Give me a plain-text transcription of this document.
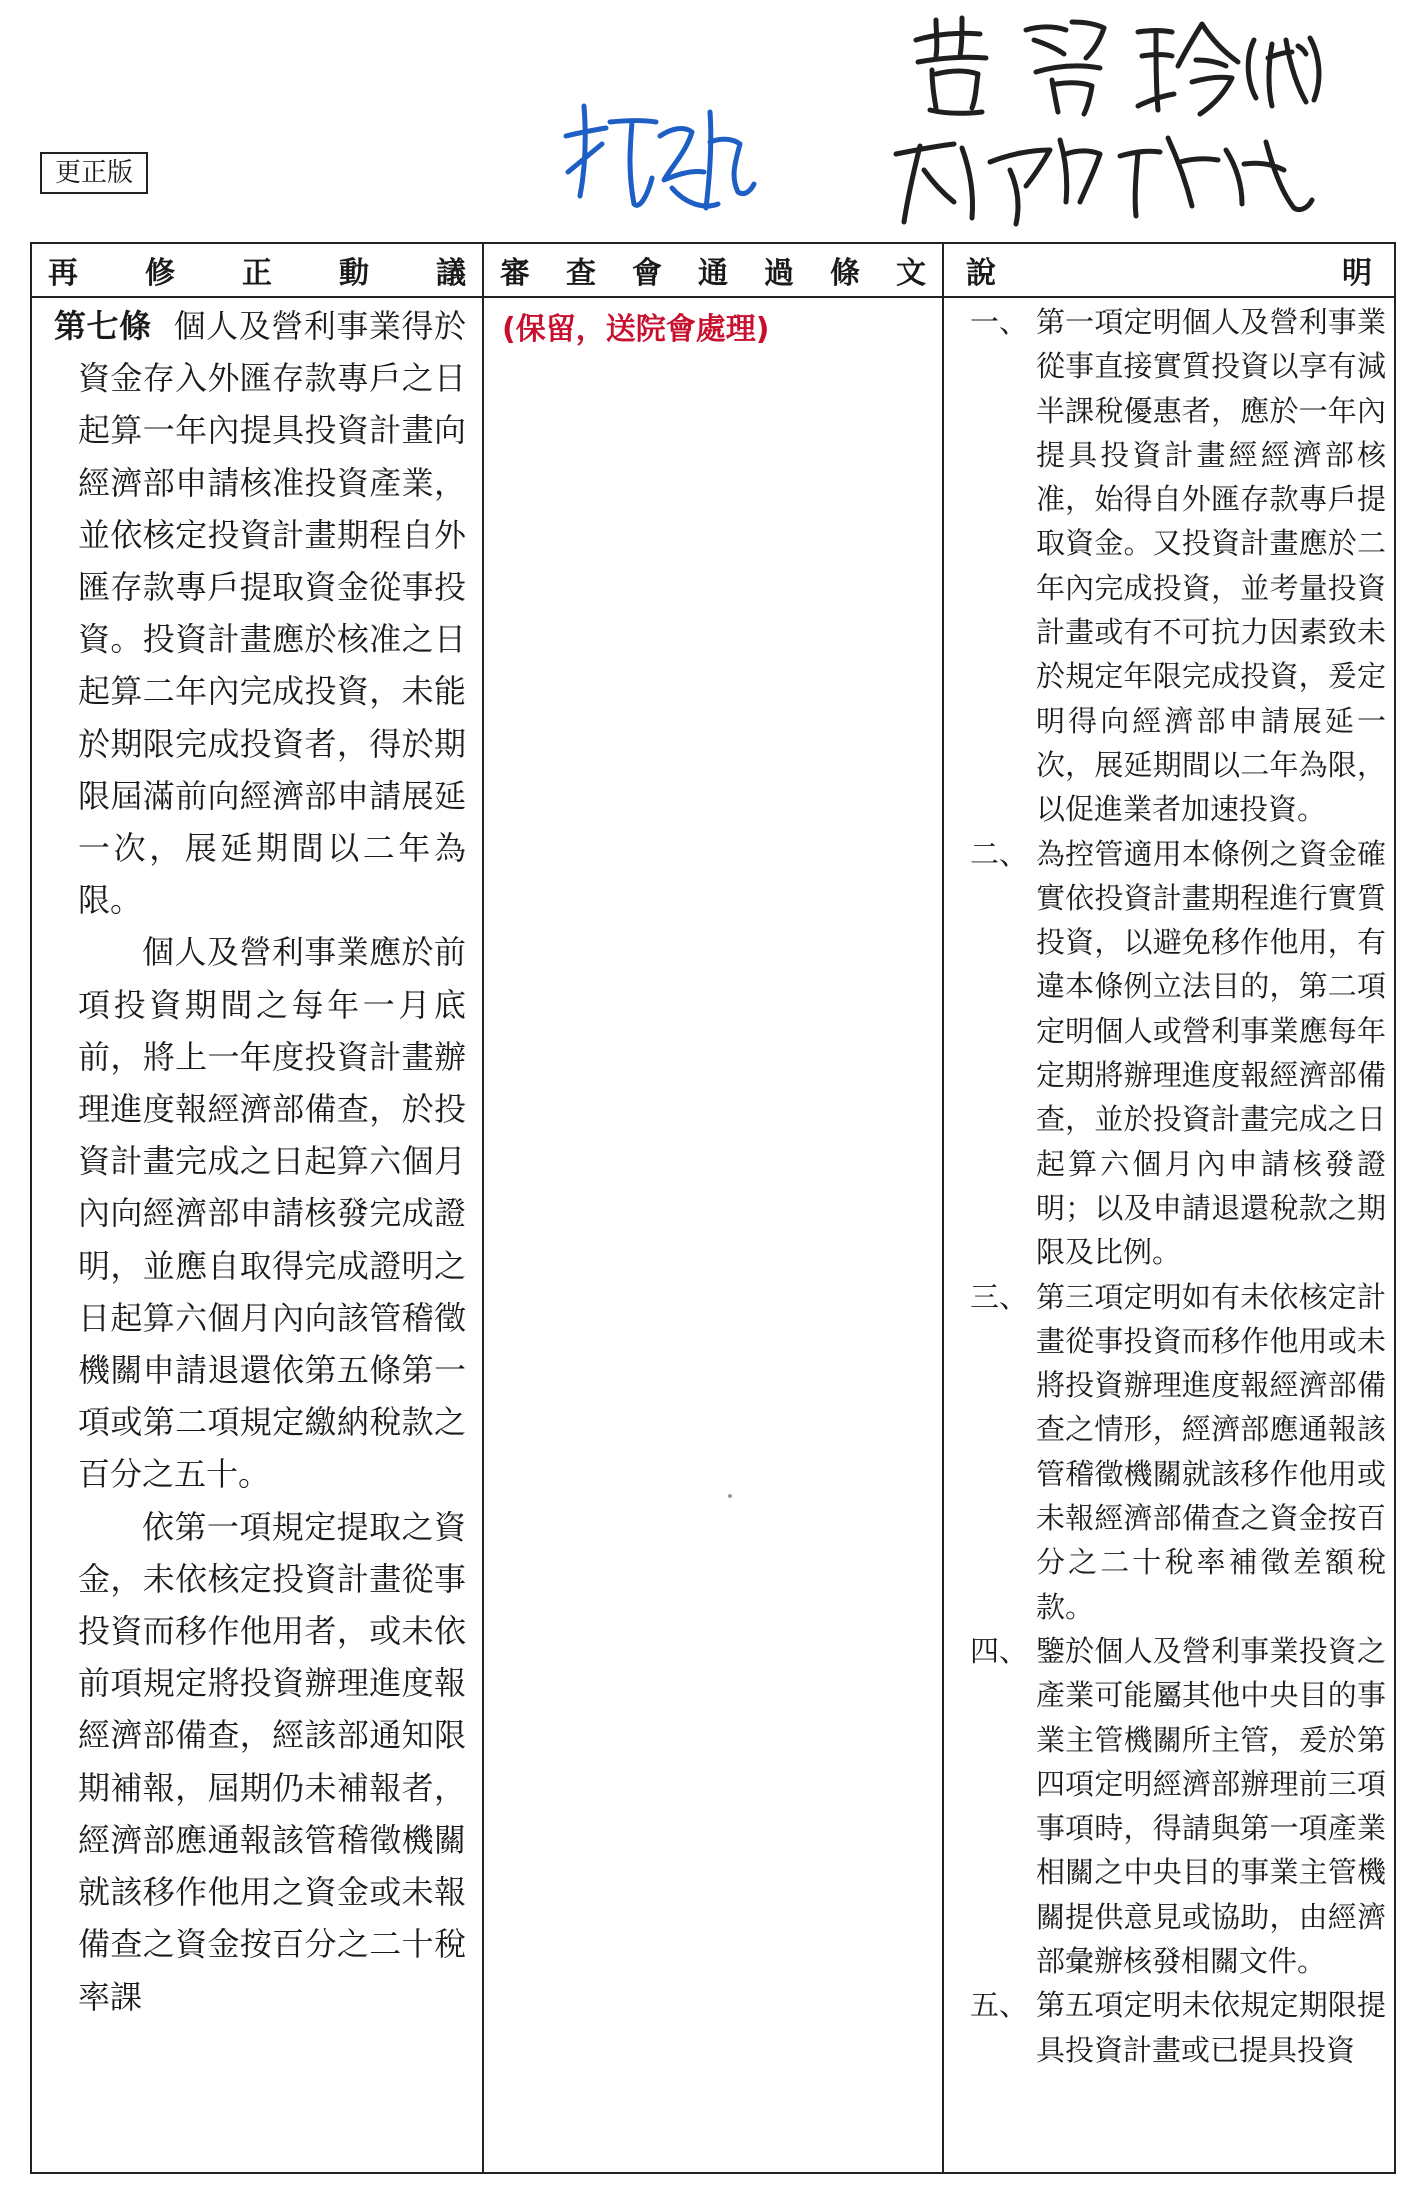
更正版
再 修 正 動 議 審 查 會 通 過 條 文 說	明

第七條 個人及營利事業得於資金存入外匯存款專戶之日起算一年內提具投資計畫向經濟部申請核准投資產業，並依核定投資計畫期程自外匯存款專戶提取資金從事投資。投資計畫應於核准之日起算二年內完成投資，未能於期限完成投資者，得於期限屆滿前向經濟部申請展延一次，展延期間以二年為限。

個人及營利事業應於前項投資期間之每年一月底前，將上一年度投資計畫辦理進度報經濟部備查，於投資計畫完成之日起算六個月內向經濟部申請核發完成證明，並應自取得完成證明之日起算六個月內向該管稽徵機關申請退還依第五條第一項或第二項規定繳納稅款之百分之五十。

依第一項規定提取之資金，未依核定投資計畫從事投資而移作他用者，或未依前項規定將投資辦理進度報經濟部備查，經該部通知限期補報，屆期仍未補報者，經濟部應通報該管稽徵機關就該移作他用之資金或未報備查之資金按百分之二十稅率課

(保留，送院會處理)	一、 第一項定明個人及營利事業從事直接實質投資以享有減半課稅優惠者，應於一年內提具投資計畫經經濟部核准，始得自外匯存款專戶提取資金。又投資計畫應於二年內完成投資，並考量投資計畫或有不可抗力因素致未於規定年限完成投資，爰定明得向經濟部申請展延一次，展延期間以二年為限，以促進業者加速投資。
二、 為控管適用本條例之資金確實依投資計畫期程進行實質投資，以避免移作他用，有違本條例立法目的，第二項定明個人或營利事業應每年定期將辦理進度報經濟部備查，並於投資計畫完成之日起算六個月內申請核發證明；以及申請退還稅款之期限及比例。
三、 第三項定明如有未依核定計畫從事投資而移作他用或未將投資辦理進度報經濟部備查之情形，經濟部應通報該管稽徵機關就該移作他用或未報經濟部備查之資金按百分之二十稅率補徵差額稅款。
四、 鑒於個人及營利事業投資之產業可能屬其他中央目的事業主管機關所主管，爰於第四項定明經濟部辦理前三項事項時，得請與第一項產業相關之中央目的事業主管機關提供意見或協助，由經濟部彙辦核發相關文件。
五、 第五項定明未依規定期限提具投資計畫或已提具投資
